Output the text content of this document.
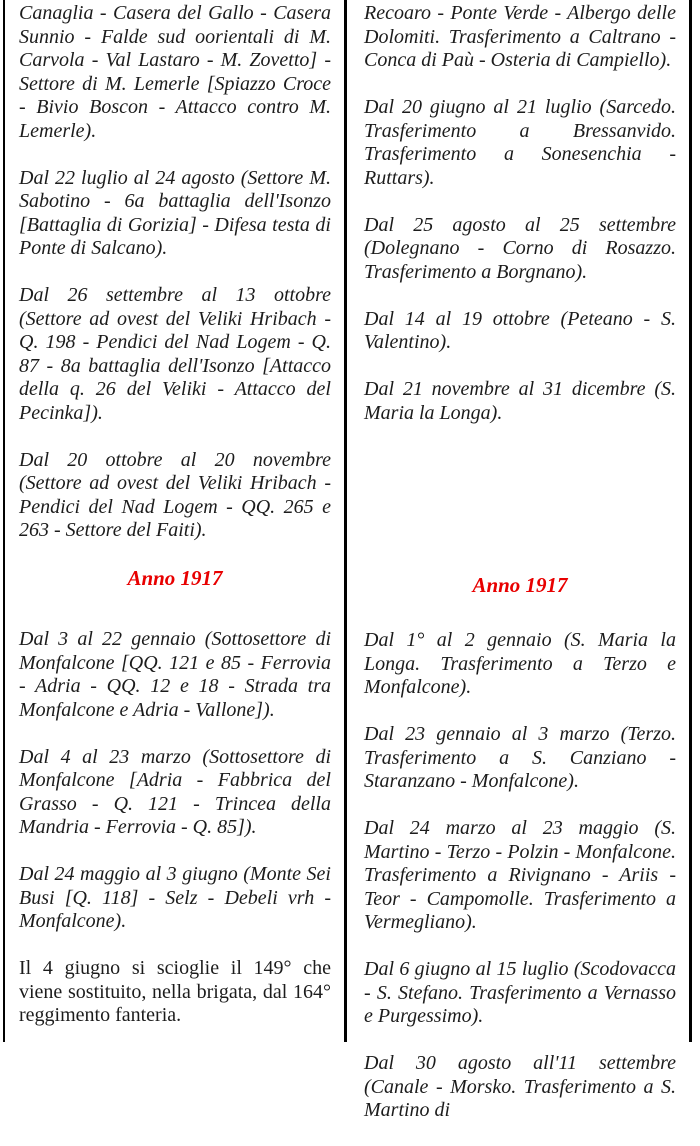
Canaglia - Casera del Gallo - Casera Sunnio - Falde sud oorientali di M. Carvola - Val Lastaro - M. Zovetto] - Settore di M. Lemerle [Spiazzo Croce - Bivio Boscon - Attacco contro M. Lemerle).

Dal 22 luglio al 24 agosto (Settore M. Sabotino - 6a battaglia dell'Isonzo [Battaglia di Gorizia] - Difesa testa di Ponte di Salcano).

Dal 26 settembre al 13 ottobre (Settore ad ovest del Veliki Hribach - Q. 198 - Pendici del Nad Logem - Q. 87 - 8a battaglia dell'Isonzo [Attacco della q. 26 del Veliki - Attacco del Pecinka]).

Dal 20 ottobre al 20 novembre (Settore ad ovest del Veliki Hribach - Pendici del Nad Logem - QQ. 265 e 263 - Settore del Faiti).

Anno 1917

Dal 3 al 22 gennaio (Sottosettore di Monfalcone [QQ. 121 e 85 - Ferrovia - Adria - QQ. 12 e 18 - Strada tra Monfalcone e Adria - Vallone]).

Dal 4 al 23 marzo (Sottosettore di Monfalcone [Adria - Fabbrica del Grasso - Q. 121 - Trincea della Mandria - Ferrovia - Q. 85]).

Dal 24 maggio al 3 giugno (Monte Sei Busi [Q. 118] - Selz - Debeli vrh - Monfalcone).

Il 4 giugno si scioglie il 149° che viene sostituito, nella brigata, dal 164° reggimento fanteria.

Recoaro - Ponte Verde - Albergo delle Dolomiti. Trasferimento a Caltrano - Conca di Paù - Osteria di Campiello).

Dal 20 giugno al 21 luglio (Sarcedo. Trasferimento a Bressanvido. Trasferimento a Sonesenchia - Ruttars).

Dal 25 agosto al 25 settembre (Dolegnano - Corno di Rosazzo. Trasferimento a Borgnano).

Dal 14 al 19 ottobre (Peteano - S. Valentino).

Dal 21 novembre al 31 dicembre (S. Maria la Longa).

Anno 1917

Dal 1° al 2 gennaio (S. Maria la Longa. Trasferimento a Terzo e Monfalcone).

Dal 23 gennaio al 3 marzo (Terzo. Trasferimento a S. Canziano - Staranzano - Monfalcone).

Dal 24 marzo al 23 maggio (S. Martino - Terzo - Polzin - Monfalcone. Trasferimento a Rivignano - Ariis - Teor - Campomolle. Trasferimento a Vermegliano).

Dal 6 giugno al 15 luglio (Scodovacca - S. Stefano. Trasferimento a Vernasso e Purgessimo).

Dal 30 agosto all'11 settembre (Canale - Morsko. Trasferimento a S. Martino di
